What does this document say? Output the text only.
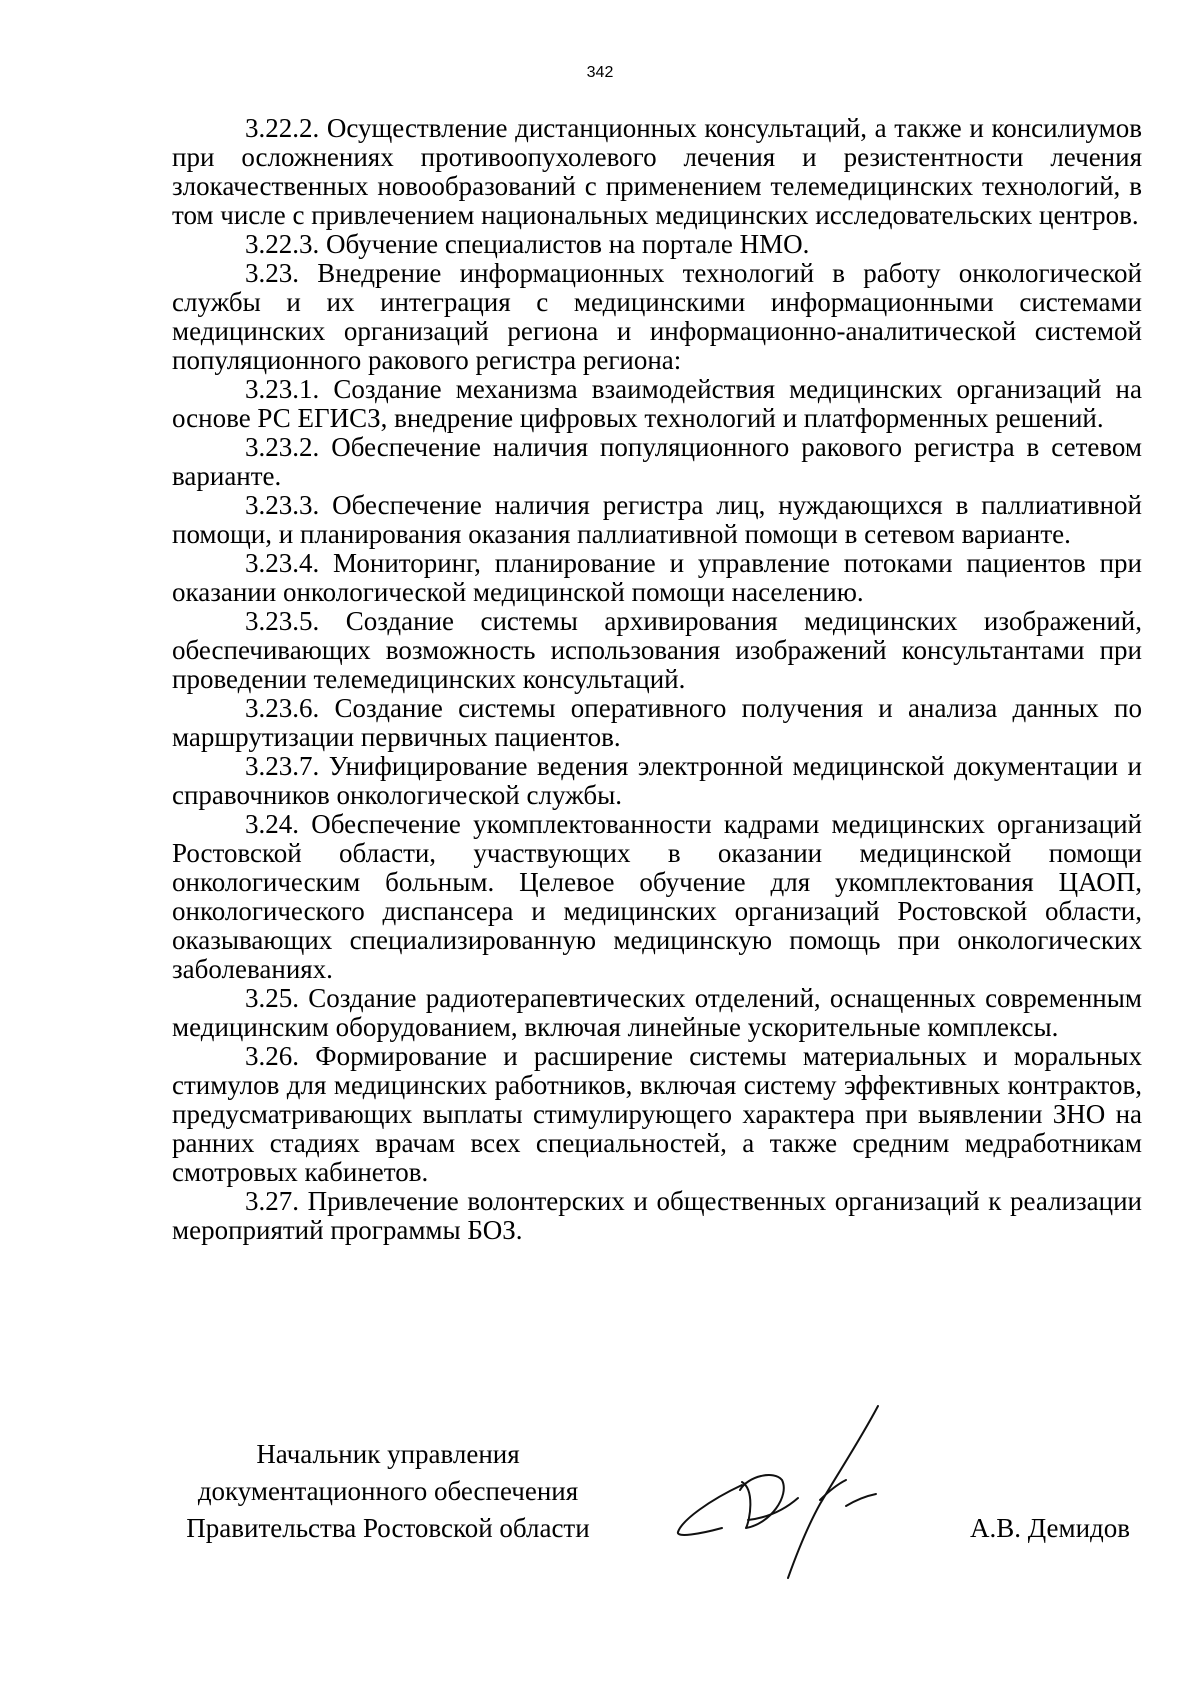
342

3.22.2. Осуществление дистанционных консультаций, а также и консилиумов при осложнениях противоопухолевого лечения и резистентности лечения злокачественных новообразований с применением телемедицинских технологий, в том числе с привлечением национальных медицинских исследовательских центров.

3.22.3. Обучение специалистов на портале НМО.

3.23. Внедрение информационных технологий в работу онкологической службы и их интеграция с медицинскими информационными системами медицинских организаций региона и информационно-аналитической системой популяционного ракового регистра региона:

3.23.1. Создание механизма взаимодействия медицинских организаций на основе РС ЕГИСЗ, внедрение цифровых технологий и платформенных решений.

3.23.2. Обеспечение наличия популяционного ракового регистра в сетевом варианте.

3.23.3. Обеспечение наличия регистра лиц, нуждающихся в паллиативной помощи, и планирования оказания паллиативной помощи в сетевом варианте.

3.23.4. Мониторинг, планирование и управление потоками пациентов при оказании онкологической медицинской помощи населению.

3.23.5. Создание системы архивирования медицинских изображений, обеспечивающих возможность использования изображений консультантами при проведении телемедицинских консультаций.

3.23.6. Создание системы оперативного получения и анализа данных по маршрутизации первичных пациентов.

3.23.7. Унифицирование ведения электронной медицинской документации и справочников онкологической службы.

3.24. Обеспечение укомплектованности кадрами медицинских организаций Ростовской области, участвующих в оказании медицинской помощи онкологическим больным. Целевое обучение для укомплектования ЦАОП, онкологического диспансера и медицинских организаций Ростовской области, оказывающих специализированную медицинскую помощь при онкологических заболеваниях.

3.25. Создание радиотерапевтических отделений, оснащенных современным медицинским оборудованием, включая линейные ускорительные комплексы.

3.26. Формирование и расширение системы материальных и моральных стимулов для медицинских работников, включая систему эффективных контрактов, предусматривающих выплаты стимулирующего характера при выявлении ЗНО на ранних стадиях врачам всех специальностей, а также средним медработникам смотровых кабинетов.

3.27. Привлечение волонтерских и общественных организаций к реализации мероприятий программы БОЗ.

Начальник управления
документационного обеспечения
Правительства Ростовской области	А.В. Демидов
